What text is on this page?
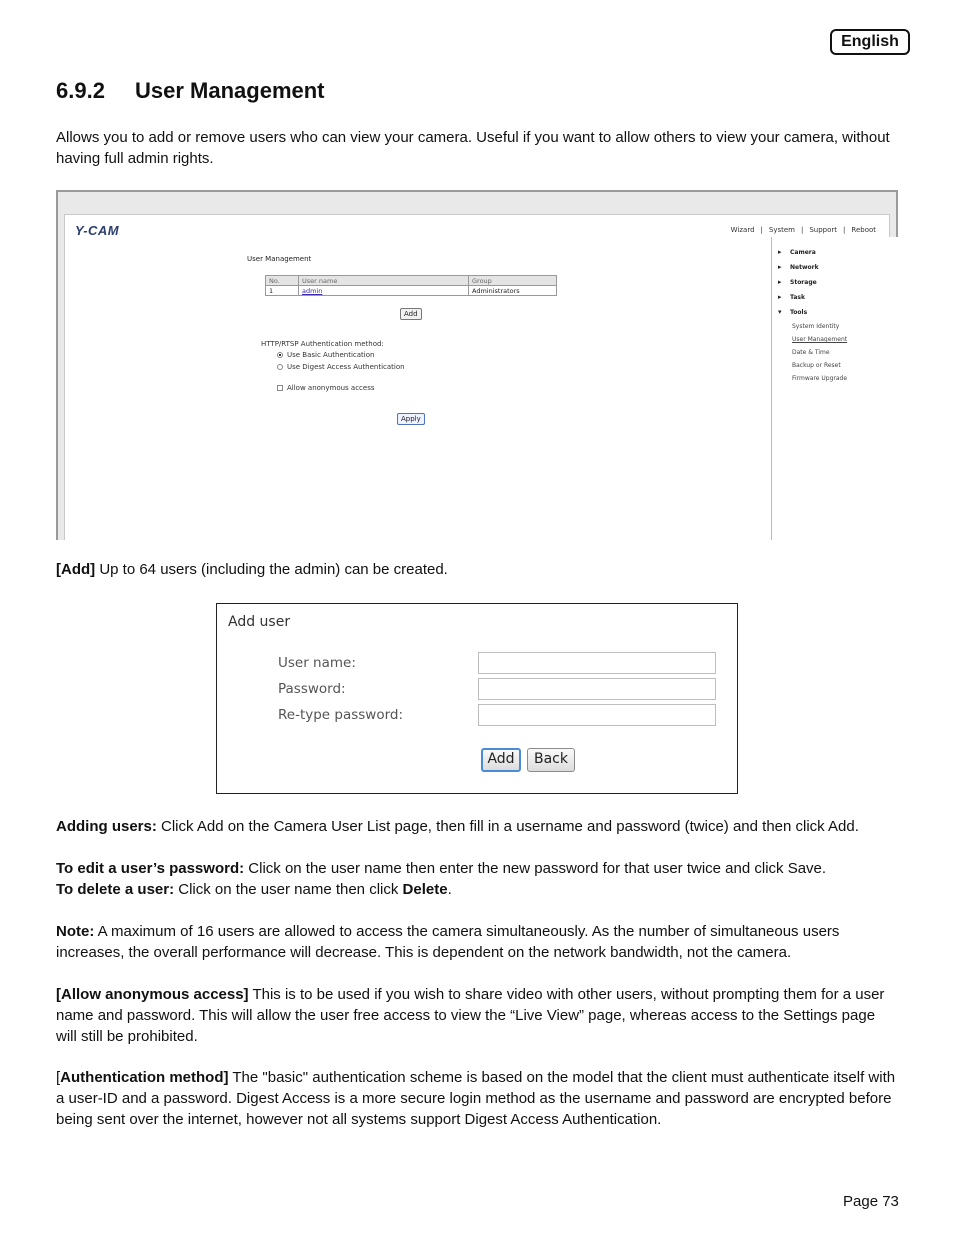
English
6.9.2 User Management

Allows you to add or remove users who can view your camera. Useful if you want to allow others to view your camera, without having full admin rights.

Y-CAM	Wizard | System | Support | Reboot
User Management
No.	User name	Group
1	admin	Administrators
Add
HTTP/RTSP Authentication method:
Use Basic Authentication
Use Digest Access Authentication
Allow anonymous access
Apply
▸ Camera
▸ Network
▸ Storage
▸ Task
▾ Tools
System Identity
User Management
Date & Time
Backup or Reset
Firmware Upgrade

[Add] Up to 64 users (including the admin) can be created.

Add user
User name:
Password:
Re-type password:
Add	Back

Adding users: Click Add on the Camera User List page, then fill in a username and password (twice) and then click Add.

To edit a user’s password: Click on the user name then enter the new password for that user twice and click Save.
To delete a user: Click on the user name then click Delete.

Note: A maximum of 16 users are allowed to access the camera simultaneously. As the number of simultaneous users increases, the overall performance will decrease. This is dependent on the network bandwidth, not the camera.

[Allow anonymous access] This is to be used if you wish to share video with other users, without prompting them for a user name and password. This will allow the user free access to view the “Live View” page, whereas access to the Settings page will still be prohibited.

[Authentication method] The "basic" authentication scheme is based on the model that the client must authenticate itself with a user-ID and a password. Digest Access is a more secure login method as the username and password are encrypted before being sent over the internet, however not all systems support Digest Access Authentication.

Page 73
